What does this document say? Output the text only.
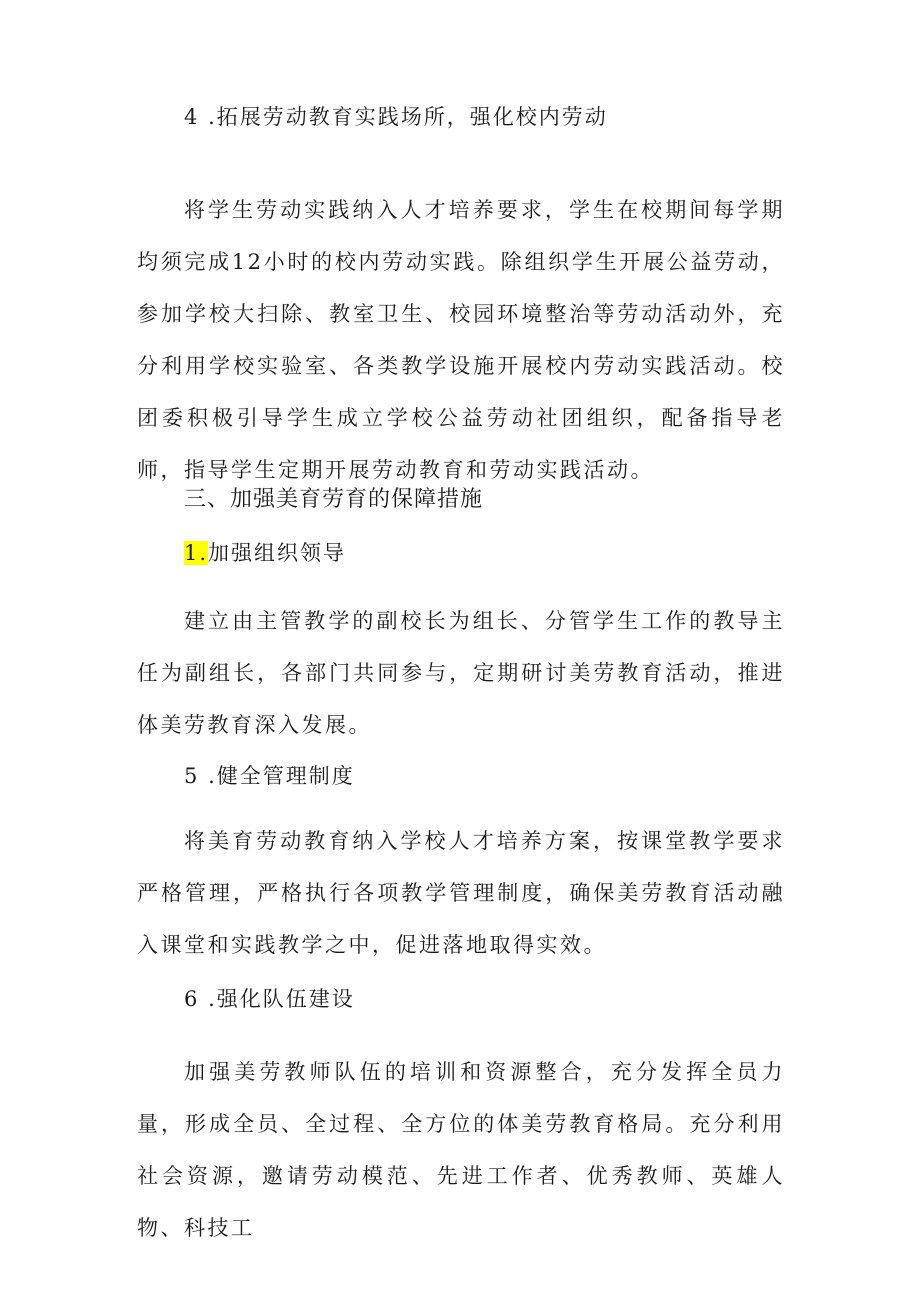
4 .拓展劳动教育实践场所，强化校内劳动

将学生劳动实践纳入人才培养要求，学生在校期间每学期均须完成12小时的校内劳动实践。除组织学生开展公益劳动，参加学校大扫除、教室卫生、校园环境整治等劳动活动外，充分利用学校实验室、各类教学设施开展校内劳动实践活动。校团委积极引导学生成立学校公益劳动社团组织，配备指导老师，指导学生定期开展劳动教育和劳动实践活动。

三、加强美育劳育的保障措施
1.加强组织领导

建立由主管教学的副校长为组长、分管学生工作的教导主任为副组长，各部门共同参与，定期研讨美劳教育活动，推进体美劳教育深入发展。

5 .健全管理制度

将美育劳动教育纳入学校人才培养方案，按课堂教学要求严格管理，严格执行各项教学管理制度，确保美劳教育活动融入课堂和实践教学之中，促进落地取得实效。

6 .强化队伍建设

加强美劳教师队伍的培训和资源整合，充分发挥全员力量，形成全员、全过程、全方位的体美劳教育格局。充分利用社会资源，邀请劳动模范、先进工作者、优秀教师、英雄人物、科技工
